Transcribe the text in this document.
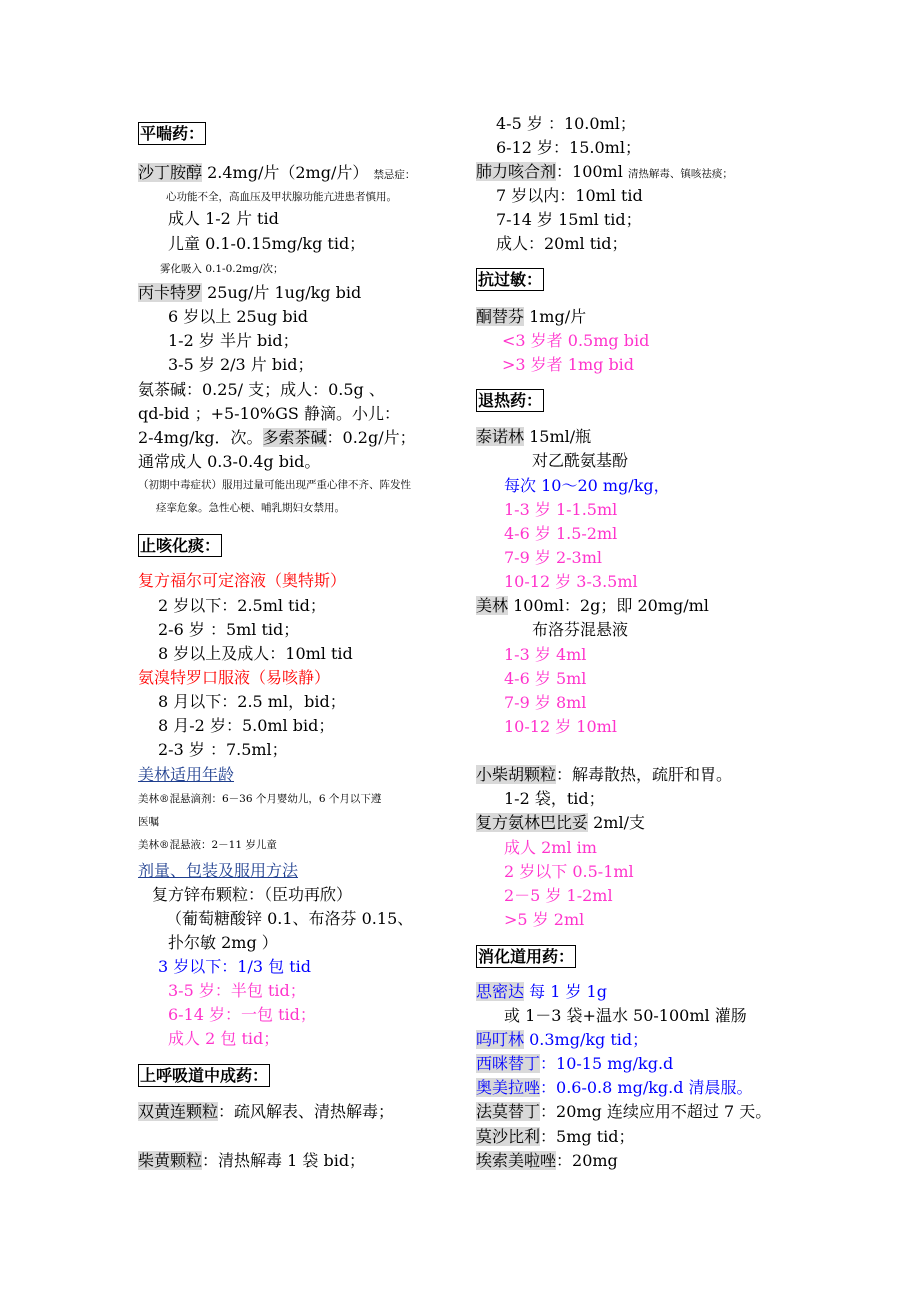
平喘药：
沙丁胺醇 2.4mg/片（2mg/片） 禁忌症：
心功能不全，高血压及甲状腺功能亢进患者慎用。
成人 1-2 片 tid
儿童 0.1-0.15mg/kg tid；
雾化吸入 0.1-0.2mg/次；
丙卡特罗 25ug/片 1ug/kg bid
6 岁以上 25ug bid
1-2 岁 半片 bid；
3-5 岁 2/3 片 bid；
氨茶碱：0.25/ 支；成人：0.5g 、
qd-bid ；+5-10%GS 静滴。小儿：
2-4mg/kg．次。多索茶碱：0.2g/片；
通常成人 0.3-0.4g bid。
（初期中毒症状）服用过量可能出现严重心律不齐、阵发性
痉挛危象。急性心梗、哺乳期妇女禁用。
止咳化痰：
复方福尔可定溶液（奥特斯）
2 岁以下：2.5ml tid；
2-6 岁 ：5ml tid；
8 岁以上及成人：10ml tid
氨溴特罗口服液（易咳静）
8 月以下：2.5 ml，bid；
8 月-2 岁：5.0ml bid；
2-3 岁 ：7.5ml；
美林适用年龄
美林®混悬滴剂：6－36 个月婴幼儿，6 个月以下遵
医嘱
美林®混悬液：2－11 岁儿童
剂量、包装及服用方法
复方锌布颗粒：（臣功再欣）
（葡萄糖酸锌 0.1、布洛芬 0.15、
扑尔敏 2mg ）
3 岁以下：1/3 包 tid
3-5 岁：半包 tid；
6-14 岁：一包 tid；
成人 2 包 tid；
上呼吸道中成药：
双黄连颗粒：疏风解表、清热解毒；
柴黄颗粒：清热解毒 1 袋 bid；
4-5 岁 ：10.0ml；
6-12 岁：15.0ml；
肺力咳合剂：100ml 清热解毒、镇咳祛痰；
7 岁以内：10ml tid
7-14 岁 15ml tid；
成人：20ml tid；
抗过敏：
酮替芬 1mg/片
<3 岁者 0.5mg bid
>3 岁者 1mg bid
退热药：
泰诺林 15ml/瓶
对乙酰氨基酚
每次 10～20 mg/kg，
1-3 岁 1-1.5ml
4-6 岁 1.5-2ml
7-9 岁 2-3ml
10-12 岁 3-3.5ml
美林 100ml：2g；即 20mg/ml
布洛芬混悬液
1-3 岁 4ml
4-6 岁 5ml
7-9 岁 8ml
10-12 岁 10ml
小柴胡颗粒：解毒散热，疏肝和胃。
1-2 袋，tid；
复方氨林巴比妥 2ml/支
成人 2ml im
2 岁以下 0.5-1ml
2－5 岁 1-2ml
>5 岁 2ml
消化道用药：
思密达 每 1 岁 1g
或 1－3 袋+温水 50-100ml 灌肠
吗叮林 0.3mg/kg tid；
西咪替丁：10-15 mg/kg.d
奥美拉唑：0.6-0.8 mg/kg.d 清晨服。
法莫替丁：20mg 连续应用不超过 7 天。
莫沙比利：5mg tid；
埃索美啦唑：20mg
